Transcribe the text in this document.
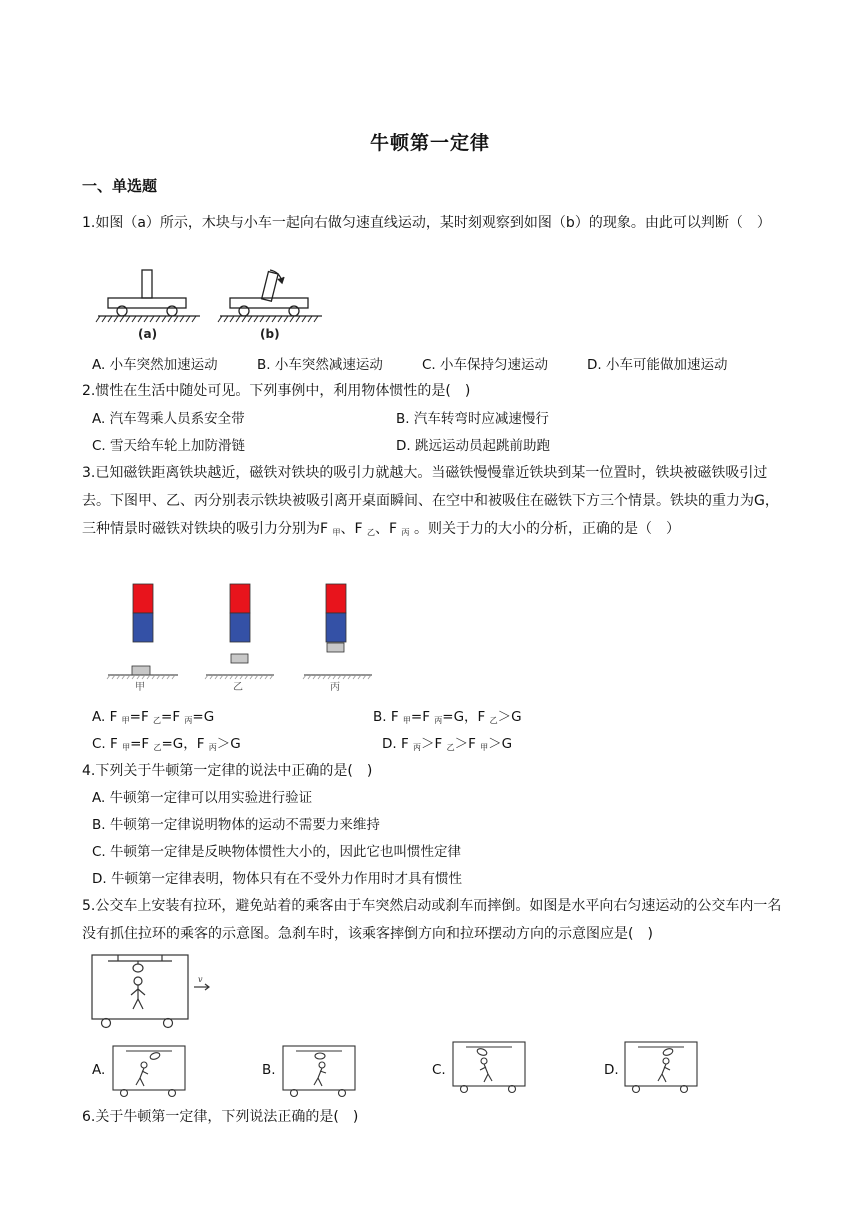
牛顿第一定律
一、单选题
1.如图（a）所示，木块与小车一起向右做匀速直线运动，某时刻观察到如图（b）的现象。由此可以判断（　）
(a)	(b)
A. 小车突然加速运动	B. 小车突然减速运动	C. 小车保持匀速运动	D. 小车可能做加速运动
2.惯性在生活中随处可见。下列事例中，利用物体惯性的是(　)
A. 汽车驾乘人员系安全带	B. 汽车转弯时应减速慢行
C. 雪天给车轮上加防滑链	D. 跳远运动员起跳前助跑
3.已知磁铁距离铁块越近，磁铁对铁块的吸引力就越大。当磁铁慢慢靠近铁块到某一位置时，铁块被磁铁吸引过去。下图甲、乙、丙分别表示铁块被吸引离开桌面瞬间、在空中和被吸住在磁铁下方三个情景。铁块的重力为G，三种情景时磁铁对铁块的吸引力分别为F $_甲$、F $_乙$、F $_丙$ 。则关于力的大小的分析，正确的是（　）
甲	乙	丙
A. F $_甲$=F $_乙$=F $_丙$=G	B. F $_甲$=F $_丙$=G，F $_乙$＞G
C. F $_甲$=F $_乙$=G，F $_丙$＞G	D. F $_丙$＞F $_乙$＞F $_甲$＞G
4.下列关于牛顿第一定律的说法中正确的是(　)
A. 牛顿第一定律可以用实验进行验证
B. 牛顿第一定律说明物体的运动不需要力来维持
C. 牛顿第一定律是反映物体惯性大小的，因此它也叫惯性定律
D. 牛顿第一定律表明，物体只有在不受外力作用时才具有惯性
5.公交车上安装有拉环，避免站着的乘客由于车突然启动或刹车而摔倒。如图是水平向右匀速运动的公交车内一名没有抓住拉环的乘客的示意图。急刹车时，该乘客摔倒方向和拉环摆动方向的示意图应是(　)
v
A.	B.	C.	D.
6.关于牛顿第一定律，下列说法正确的是(　)
